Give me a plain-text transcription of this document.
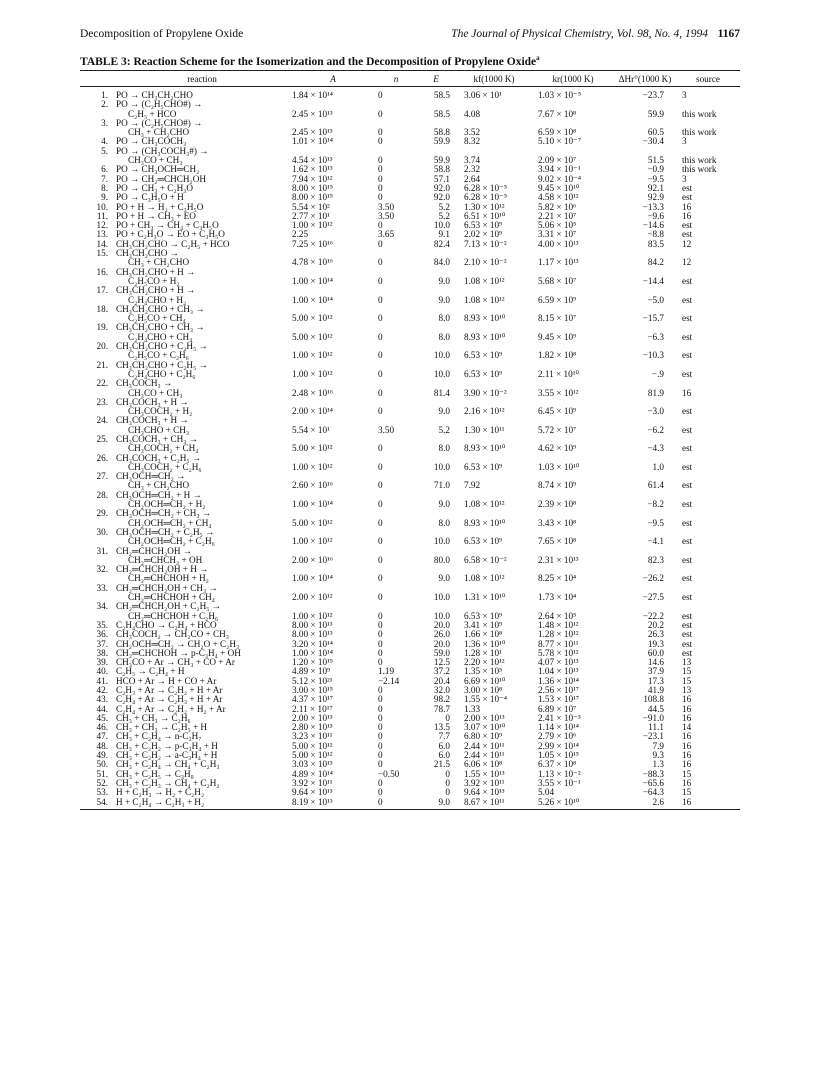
Decomposition of Propylene Oxide	The Journal of Physical Chemistry, Vol. 98, No. 4, 1994 1167
TABLE 3: Reaction Scheme for the Isomerization and the Decomposition of Propylene Oxide$^a$
	reaction	A	n	E	kf(1000 K)	kr(1000 K)	ΔHr°(1000 K)	source
1.	PO → CH₃CH₂CHO	1.84 × 10¹⁴	0	58.5	3.06 × 10¹	1.03 × 10⁻⁵	−23.7	3
2.	PO → (C₂H₅CHO#) →
C₂H₅ + HCO	2.45 × 10¹³	0	58.5	4.08	7.67 × 10⁸	59.9	this work
3.	PO → (C₂H₅CHO#) →
CH₃ + CH₂CHO	2.45 × 10¹³	0	58.8	3.52	6.59 × 10⁸	60.5	this work
4.	PO → CH₃COCH₃	1.01 × 10¹⁴	0	59.9	8.32	5.10 × 10⁻⁷	−30.4	3
5.	PO → (CH₃COCH₃#) →
CH₃CO + CH₃	4.54 × 10¹³	0	59.9	3.74	2.09 × 10⁷	51.5	this work
6.	PO → CH₃OCH═CH₂	1.62 × 10¹³	0	58.8	2.32	3.94 × 10⁻¹	−0.9	this work
7.	PO → CH₂═CHCH₂OH	7.94 × 10¹²	0	57.1	2.64	9.02 × 10⁻⁴	−9.5	3
8.	PO → CH₃ + C₂H₃O	8.00 × 10¹⁵	0	92.0	6.28 × 10⁻⁵	9.45 × 10¹⁰	92.1	est
9.	PO → C₃H₅O + H	8.00 × 10¹⁵	0	92.0	6.28 × 10⁻⁵	4.58 × 10¹²	92.9	est
10.	PO + H → H₂ + C₃H₅O	5.54 × 10²	3.50	5.2	1.30 × 10¹²	5.82 × 10⁶	−13.3	16
11.	PO + H → CH₃ + EO	2.77 × 10¹	3.50	5.2	6.51 × 10¹⁰	2.21 × 10⁷	−9.6	16
12.	PO + CH₃ → CH₄ + C₃H₅O	1.00 × 10¹²	0	10.0	6.53 × 10⁹	5.06 × 10⁵	−14.6	est
13.	PO + C₂H₃O → EO + C₃H₅O	2.25	3.65	9.1	2.02 × 10⁹	3.31 × 10⁷	−8.8	est
14.	CH₃CH₂CHO → C₂H₅ + HCO	7.25 × 10¹⁶	0	82.4	7.13 × 10⁻²	4.00 × 10¹³	83.5	12
15.	CH₃CH₂CHO →
CH₃ + CH₂CHO	4.78 × 10¹⁶	0	84.0	2.10 × 10⁻²	1.17 × 10¹³	84.2	12
16.	CH₃CH₂CHO + H →
C₂H₅CO + H₂	1.00 × 10¹⁴	0	9.0	1.08 × 10¹²	5.68 × 10⁷	−14.4	est
17.	CH₃CH₂CHO + H →
C₂H₄CHO + H₂	1.00 × 10¹⁴	0	9.0	1.08 × 10¹²	6.59 × 10⁹	−5.0	est
18.	CH₃CH₂CHO + CH₃ →
C₂H₅CO + CH₄	5.00 × 10¹²	0	8.0	8.93 × 10¹⁰	8.15 × 10⁷	−15.7	est
19.	CH₃CH₂CHO + CH₃ →
C₂H₄CHO + CH₄	5.00 × 10¹²	0	8.0	8.93 × 10¹⁰	9.45 × 10⁹	−6.3	est
20.	CH₃CH₂CHO + C₂H₅ →
C₂H₅CO + C₂H₆	1.00 × 10¹²	0	10.0	6.53 × 10⁹	1.82 × 10⁸	−10.3	est
21.	CH₃CH₂CHO + C₂H₅ →
C₂H₄CHO + C₂H₆	1.00 × 10¹²	0	10.0	6.53 × 10⁹	2.11 × 10¹⁰	−.9	est
22.	CH₃COCH₃ →
CH₃CO + CH₃	2.48 × 10¹⁶	0	81.4	3.90 × 10⁻²	3.55 × 10¹²	81.9	16
23.	CH₃COCH₃ + H →
CH₃COCH₂ + H₂	2.00 × 10¹⁴	0	9.0	2.16 × 10¹²	6.45 × 10⁹	−3.0	est
24.	CH₃COCH₃ + H →
CH₃CHO + CH₃	5.54 × 10¹	3.50	5.2	1.30 × 10¹¹	5.72 × 10⁷	−6.2	est
25.	CH₃COCH₃ + CH₃ →
CH₃COCH₂ + CH₄	5.00 × 10¹²	0	8.0	8.93 × 10¹⁰	4.62 × 10⁹	−4.3	est
26.	CH₃COCH₃ + C₂H₅ →
CH₃COCH₂ + C₂H₆	1.00 × 10¹²	0	10.0	6.53 × 10⁹	1.03 × 10¹⁰	1.0	est
27.	CH₃OCH═CH₂ →
CH₃ + CH₂CHO	2.60 × 10¹⁶	0	71.0	7.92	8.74 × 10⁹	61.4	est
28.	CH₃OCH═CH₂ + H →
CH₂OCH═CH₂ + H₂	1.00 × 10¹⁴	0	9.0	1.08 × 10¹²	2.39 × 10⁸	−8.2	est
29.	CH₃OCH═CH₂ + CH₃ →
CH₂OCH═CH₂ + CH₄	5.00 × 10¹²	0	8.0	8.93 × 10¹⁰	3.43 × 10⁸	−9.5	est
30.	CH₃OCH═CH₂ + C₂H₅ →
CH₂OCH═CH₂ + C₂H₆	1.00 × 10¹²	0	10.0	6.53 × 10⁹	7.65 × 10⁸	−4.1	est
31.	CH₂═CHCH₂OH →
CH₂═CHCH₂ + OH	2.00 × 10¹⁶	0	80.0	6.58 × 10⁻²	2.31 × 10¹³	82.3	est
32.	CH₂═CHCH₂OH + H →
CH₂═CHCHOH + H₂	1.00 × 10¹⁴	0	9.0	1.08 × 10¹²	8.25 × 10⁴	−26.2	est
33.	CH₂═CHCH₂OH + CH₃ →
CH₂═CHCHOH + CH₄	2.00 × 10¹²	0	10.0	1.31 × 10¹⁰	1.73 × 10⁴	−27.5	est
34.	CH₂═CHCH₂OH + C₂H₅ →
CH₂═CHCHOH + C₂H₆	1.00 × 10¹²	0	10.0	6.53 × 10⁹	2.64 × 10⁵	−22.2	est
35.	C₂H₄CHO → C₂H₄ + HCO	8.00 × 10¹³	0	20.0	3.41 × 10⁹	1.48 × 10¹²	20.2	est
36.	CH₃COCH₂ → CH₂CO + CH₃	8.00 × 10¹³	0	26.0	1.66 × 10⁸	1.28 × 10¹²	26.3	est
37.	CH₂OCH═CH₂ → CH₂O + C₂H₃	3.20 × 10¹⁴	0	20.0	1.36 × 10¹⁰	8.77 × 10¹¹	19.3	est
38.	CH₂═CHCHOH → p-C₃H₄ + OH	1.00 × 10¹⁴	0	59.0	1.28 × 10¹	5.78 × 10¹²	60.0	est
39.	CH₃CO + Ar → CH₃ + CO + Ar	1.20 × 10¹⁵	0	12.5	2.20 × 10¹²	4.07 × 10¹³	14.6	13
40.	C₂H₅ → C₂H₄ + H	4.89 × 10⁹	1.19	37.2	1.35 × 10⁵	1.04 × 10¹³	37.9	15
41.	HCO + Ar → H + CO + Ar	5.12 × 10²¹	−2.14	20.4	6.69 × 10¹⁰	1.36 × 10¹⁴	17.3	15
42.	C₂H₃ + Ar → C₂H₂ + H + Ar	3.00 × 10¹⁵	0	32.0	3.00 × 10⁸	2.56 × 10¹⁷	41.9	13
43.	C₂H₄ + Ar → C₂H₃ + H + Ar	4.37 × 10¹⁷	0	98.2	1.55 × 10⁻⁴	1.53 × 10¹⁷	108.8	16
44.	C₂H₄ + Ar → C₂H₂ + H₂ + Ar	2.11 × 10¹⁷	0	78.7	1.33	6.89 × 10⁷	44.5	16
45.	CH₃ + CH₃ → C₂H₆	2.00 × 10¹³	0	0	2.00 × 10¹³	2.41 × 10⁻³	−91.0	16
46.	CH₃ + CH₃ → C₂H₅ + H	2.80 × 10¹³	0	13.5	3.07 × 10¹⁰	1.14 × 10¹⁴	11.1	14
47.	CH₃ + C₂H₄ → n-C₃H₇	3.23 × 10¹¹	0	7.7	6.80 × 10⁹	2.79 × 10⁶	−23.1	16
48.	CH₃ + C₂H₂ → p-C₃H₄ + H	5.00 × 10¹²	0	6.0	2.44 × 10¹¹	2.99 × 10¹⁴	7.9	16
49.	CH₃ + C₂H₂ → a-C₃H₄ + H	5.00 × 10¹²	0	6.0	2.44 × 10¹¹	1.05 × 10¹⁵	9.3	16
50.	CH₃ + C₂H₄ → CH₄ + C₂H₃	3.03 × 10¹³	0	21.5	6.06 × 10⁸	6.37 × 10⁸	1.3	16
51.	CH₃ + C₂H₅ → C₃H₈	4.89 × 10¹⁴	−0.50	0	1.55 × 10¹³	1.13 × 10⁻²	−88.3	15
52.	CH₃ + C₂H₃ → CH₄ + C₂H₂	3.92 × 10¹¹	0	0	3.92 × 10¹¹	3.55 × 10⁻¹	−65.6	16
53.	H + C₂H₃ → H₂ + C₂H₂	9.64 × 10¹³	0	0	9.64 × 10¹³	5.04	−64.3	15
54.	H + C₂H₄ → C₂H₃ + H₂	8.19 × 10¹³	0	9.0	8.67 × 10¹¹	5.26 × 10¹⁰	2.6	16
